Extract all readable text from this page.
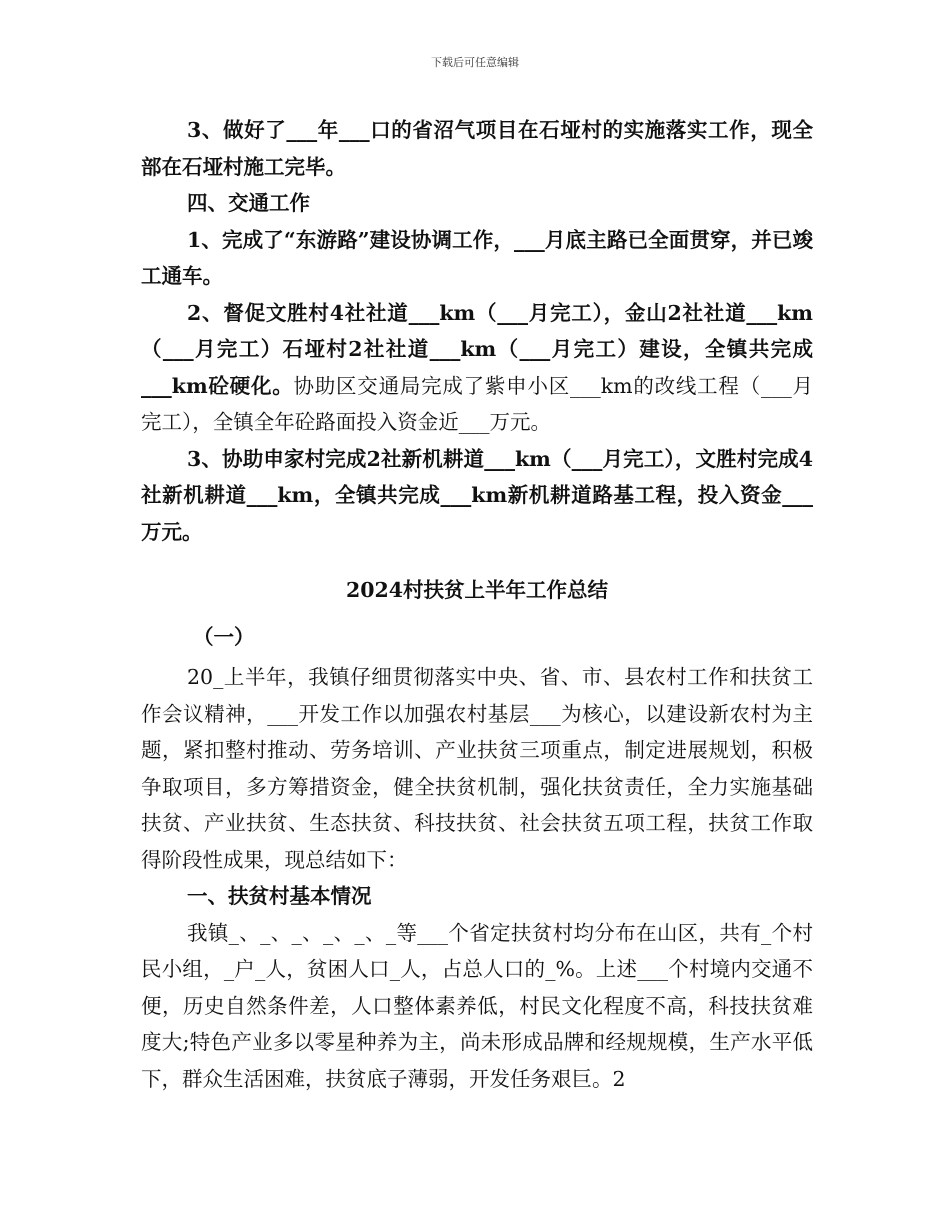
下载后可任意编辑

3、做好了___年___口的省沼气项目在石垭村的实施落实工作，现全部在石垭村施工完毕。

四、交通工作

1、完成了“东游路”建设协调工作，___月底主路已全面贯穿，并已竣工通车。

2、督促文胜村4社社道___km（___月完工），金山2社社道___km（___月完工）石垭村2社社道___km（___月完工）建设，全镇共完成___km砼硬化。协助区交通局完成了紫申小区___km的改线工程（___月完工），全镇全年砼路面投入资金近___万元。

3、协助申家村完成2社新机耕道___km（___月完工），文胜村完成4社新机耕道___km，全镇共完成___km新机耕道路基工程，投入资金___万元。

2024村扶贫上半年工作总结

（一）

20_上半年，我镇仔细贯彻落实中央、省、市、县农村工作和扶贫工作会议精神，___开发工作以加强农村基层___为核心，以建设新农村为主题，紧扣整村推动、劳务培训、产业扶贫三项重点，制定进展规划，积极争取项目，多方筹措资金，健全扶贫机制，强化扶贫责任，全力实施基础扶贫、产业扶贫、生态扶贫、科技扶贫、社会扶贫五项工程，扶贫工作取得阶段性成果，现总结如下：

一、扶贫村基本情况

我镇_、_、_、_、_、_等___个省定扶贫村均分布在山区，共有_个村民小组，_户_人，贫困人口_人，占总人口的_%。上述___个村境内交通不便，历史自然条件差，人口整体素养低，村民文化程度不高，科技扶贫难度大;特色产业多以零星种养为主，尚未形成品牌和经规规模，生产水平低下，群众生活困难，扶贫底子薄弱，开发任务艰巨。2
